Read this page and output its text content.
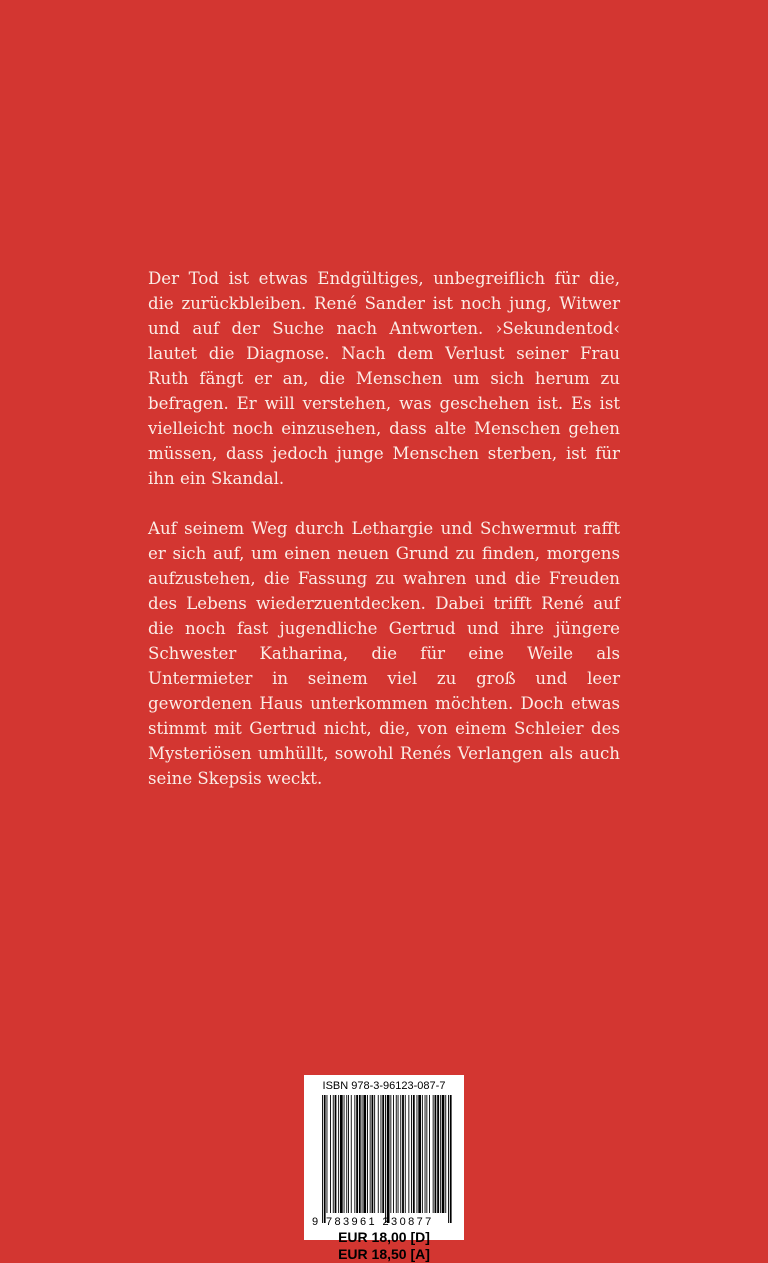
Der Tod ist etwas Endgültiges, unbegreiflich für die, die zurückbleiben. René Sander ist noch jung, Witwer und auf der Suche nach Antworten. ›Sekundentod‹ lautet die Diagnose. Nach dem Verlust seiner Frau Ruth fängt er an, die Menschen um sich herum zu befragen. Er will verstehen, was geschehen ist. Es ist vielleicht noch einzusehen, dass alte Menschen gehen müssen, dass jedoch junge Menschen sterben, ist für ihn ein Skandal.

Auf seinem Weg durch Lethargie und Schwermut rafft er sich auf, um einen neuen Grund zu finden, morgens aufzustehen, die Fassung zu wahren und die Freuden des Lebens wiederzuentdecken. Dabei trifft René auf die noch fast jugendliche Gertrud und ihre jüngere Schwester Katharina, die für eine Weile als Untermieter in seinem viel zu groß und leer gewordenen Haus unterkommen möchten. Doch etwas stimmt mit Gertrud nicht, die, von einem Schleier des Mysteriösen umhüllt, sowohl Renés Verlangen als auch seine Skepsis weckt.

ISBN 978-3-96123-087-7
9 783961 230877
EUR 18,00 [D]
EUR 18,50 [A]
